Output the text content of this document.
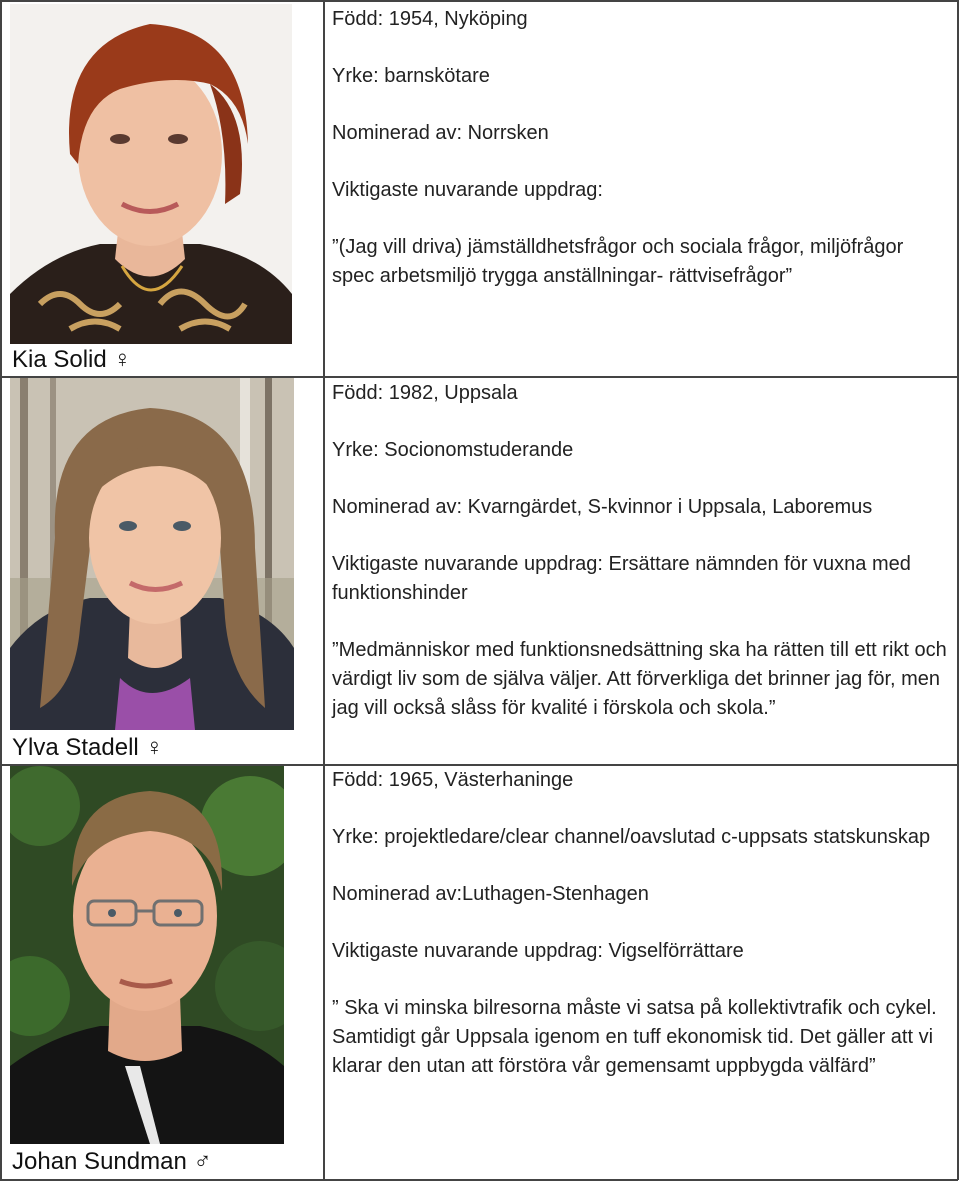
Kia Solid ♀

Född: 1954, Nyköping

Yrke: barnskötare

Nominerad av: Norrsken

Viktigaste nuvarande uppdrag:

”(Jag vill driva) jämställdhetsfrågor och sociala frågor, miljöfrågor spec arbetsmiljö trygga anställningar- rättvisefrågor”

Ylva Stadell ♀

Född: 1982, Uppsala

Yrke: Socionomstuderande

Nominerad av: Kvarngärdet, S-kvinnor i Uppsala, Laboremus

Viktigaste nuvarande uppdrag: Ersättare nämnden för vuxna med funktionshinder

”Medmänniskor med funktionsnedsättning ska ha rätten till ett rikt och värdigt liv som de själva väljer. Att förverkliga det brinner jag för, men jag vill också slåss för kvalité i förskola och skola.”

Johan Sundman ♂

Född: 1965, Västerhaninge

Yrke: projektledare/clear channel/oavslutad c-uppsats statskunskap

Nominerad av:Luthagen-Stenhagen

Viktigaste nuvarande uppdrag: Vigselförrättare

” Ska vi minska bilresorna måste vi satsa på kollektivtrafik och cykel. Samtidigt går Uppsala igenom en tuff ekonomisk tid. Det gäller att vi klarar den utan att förstöra vår gemensamt uppbygda välfärd”
